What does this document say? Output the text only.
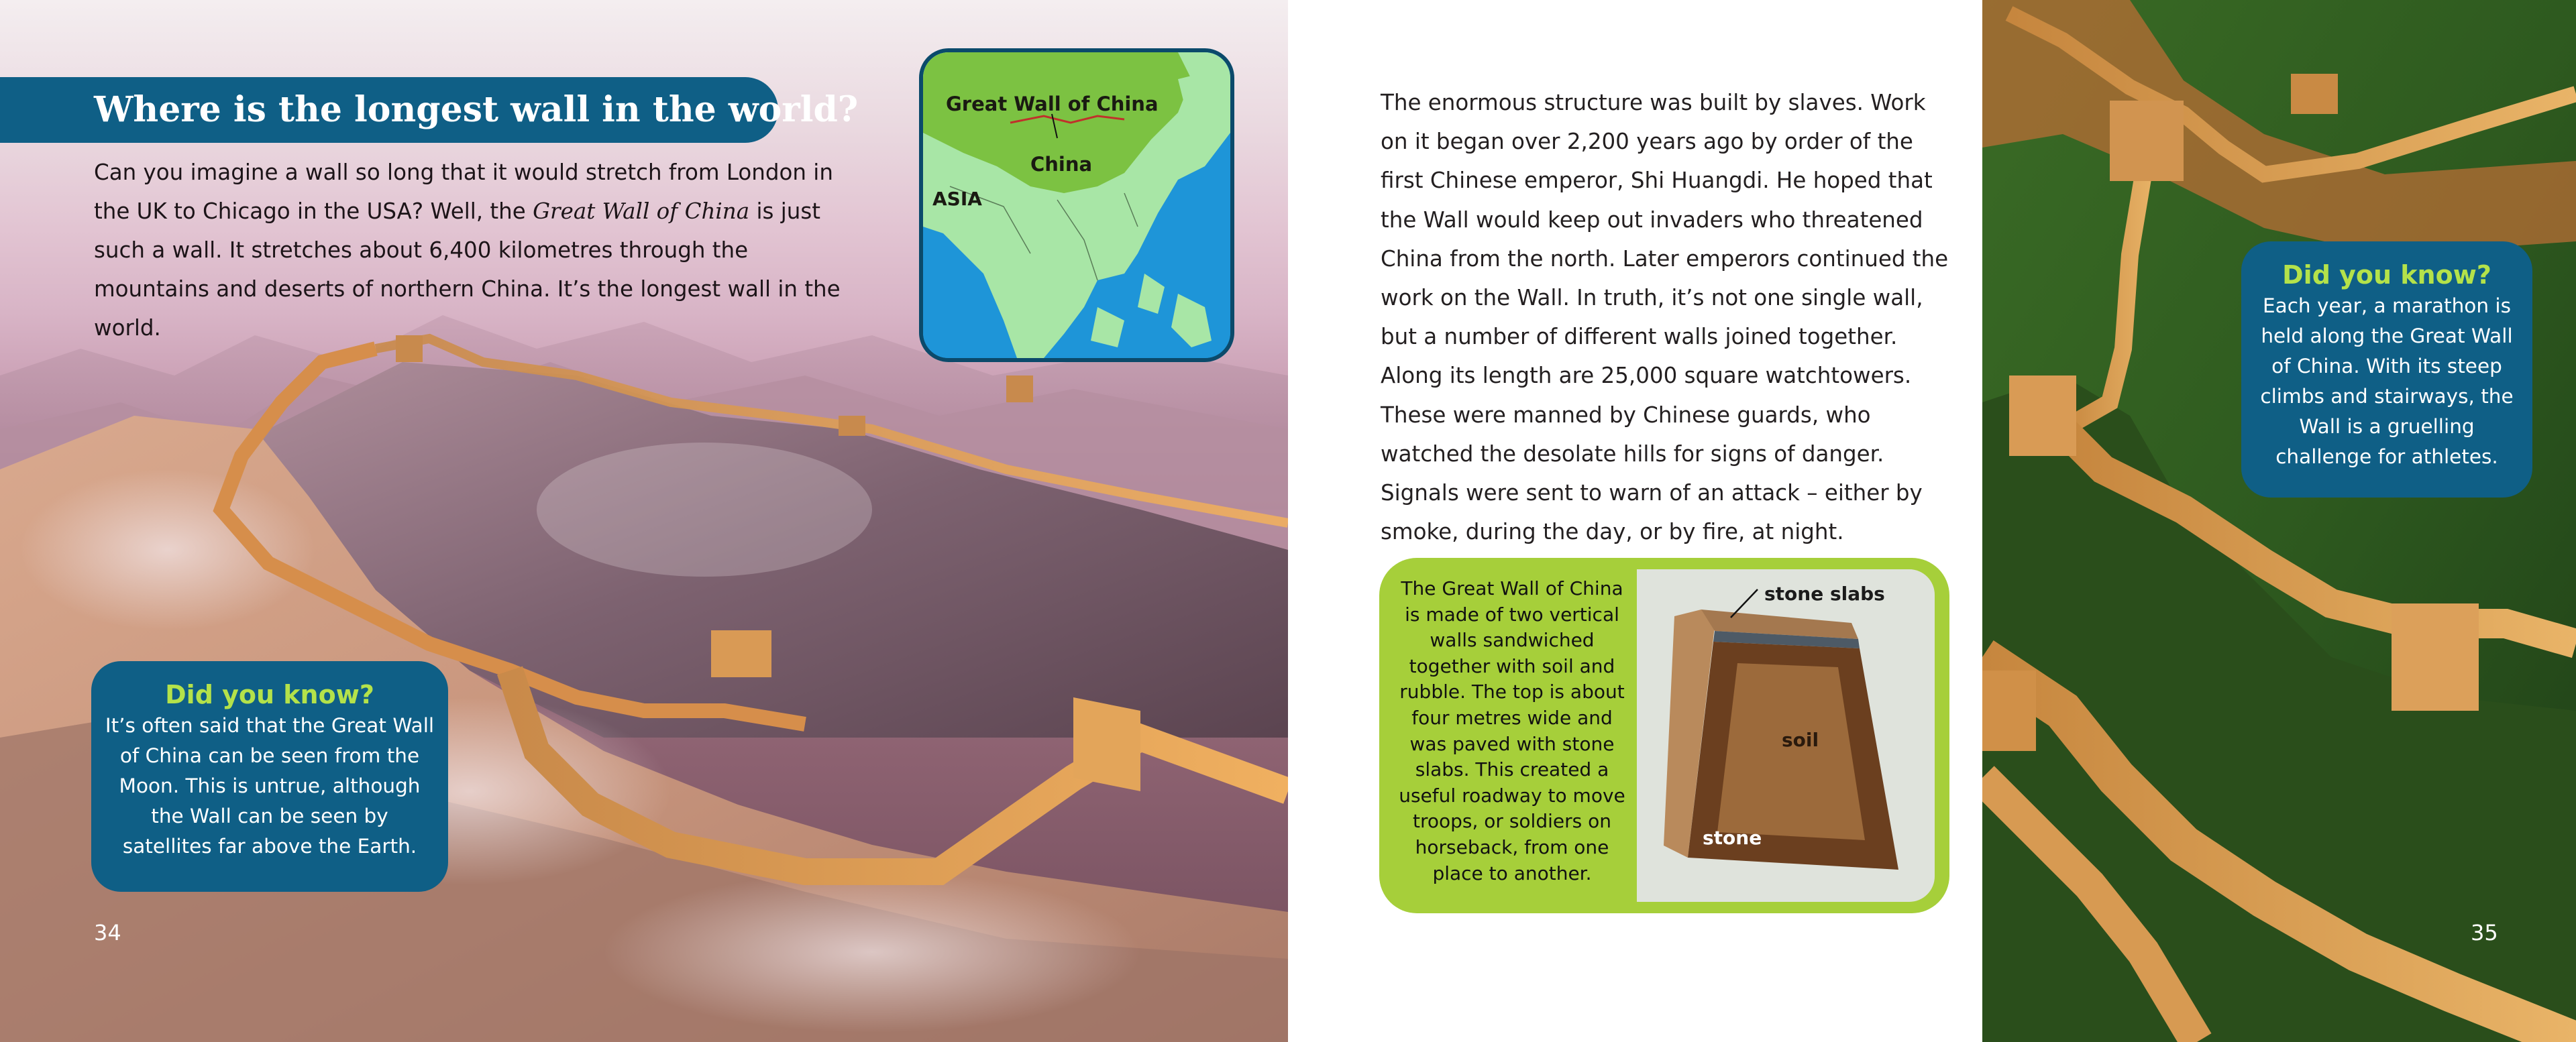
Where is the longest wall in the world?

Can you imagine a wall so long that it would stretch from London in the UK to Chicago in the USA? Well, the Great Wall of China is just such a wall. It stretches about 6,400 kilometres through the mountains and deserts of northern China. It’s the longest wall in the world.

Great Wall of China
China
ASIA
Did you know?
It’s often said that the Great Wall of China can be seen from the Moon. This is untrue, although the Wall can be seen by satellites far above the Earth.
34

The enormous structure was built by slaves. Work on it began over 2,200 years ago by order of the first Chinese emperor, Shi Huangdi. He hoped that the Wall would keep out invaders who threatened China from the north. Later emperors continued the work on the Wall. In truth, it’s not one single wall, but a number of different walls joined together. Along its length are 25,000 square watchtowers. These were manned by Chinese guards, who watched the desolate hills for signs of danger. Signals were sent to warn of an attack – either by smoke, during the day, or by fire, at night.

The Great Wall of China is made of two vertical walls sandwiched together with soil and rubble. The top is about four metres wide and was paved with stone slabs. This created a useful roadway to move troops, or soldiers on horseback, from one place to another.
stone slabs
soil
stone
Did you know?
Each year, a marathon is held along the Great Wall of China. With its steep climbs and stairways, the Wall is a gruelling challenge for athletes.
35
